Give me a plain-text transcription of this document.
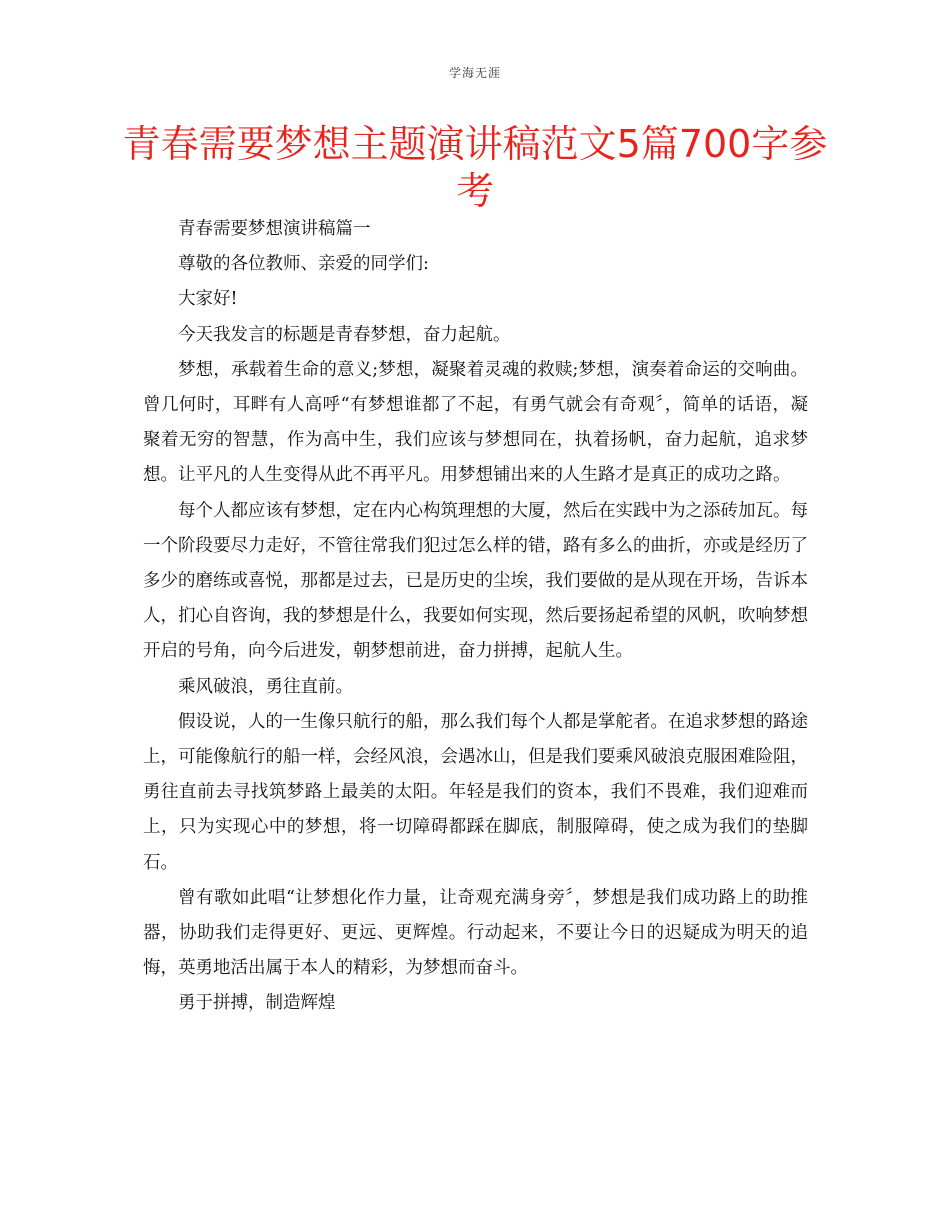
学海无涯
青春需要梦想主题演讲稿范文5篇700字参考

青春需要梦想演讲稿篇一

尊敬的各位教师、亲爱的同学们:

大家好!

今天我发言的标题是青春梦想，奋力起航。

梦想，承载着生命的意义;梦想，凝聚着灵魂的救赎;梦想，演奏着命运的交响曲。曾几何时，耳畔有人高呼“有梦想谁都了不起，有勇气就会有奇观〞，简单的话语，凝聚着无穷的智慧，作为高中生，我们应该与梦想同在，执着扬帆，奋力起航，追求梦想。让平凡的人生变得从此不再平凡。用梦想铺出来的人生路才是真正的成功之路。

每个人都应该有梦想，定在内心构筑理想的大厦，然后在实践中为之添砖加瓦。每一个阶段要尽力走好，不管往常我们犯过怎么样的错，路有多么的曲折，亦或是经历了多少的磨练或喜悦，那都是过去，已是历史的尘埃，我们要做的是从现在开场，告诉本人，扪心自咨询，我的梦想是什么，我要如何实现，然后要扬起希望的风帆，吹响梦想开启的号角，向今后进发，朝梦想前进，奋力拼搏，起航人生。

乘风破浪，勇往直前。

假设说，人的一生像只航行的船，那么我们每个人都是掌舵者。在追求梦想的路途上，可能像航行的船一样，会经风浪，会遇冰山，但是我们要乘风破浪克服困难险阻，勇往直前去寻找筑梦路上最美的太阳。年轻是我们的资本，我们不畏难，我们迎难而上，只为实现心中的梦想，将一切障碍都踩在脚底，制服障碍，使之成为我们的垫脚石。

曾有歌如此唱“让梦想化作力量，让奇观充满身旁〞，梦想是我们成功路上的助推器，协助我们走得更好、更远、更辉煌。行动起来，不要让今日的迟疑成为明天的追悔，英勇地活出属于本人的精彩，为梦想而奋斗。

勇于拼搏，制造辉煌
